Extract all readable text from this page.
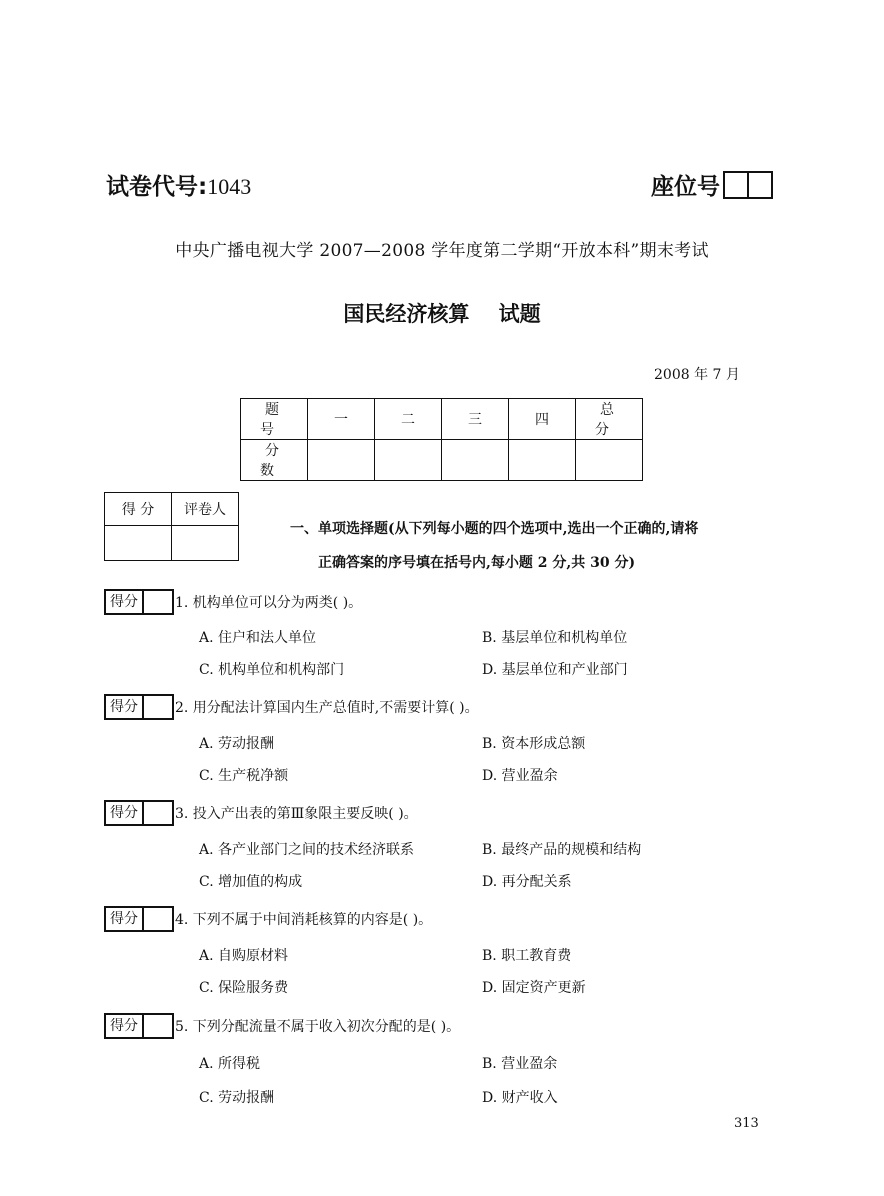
试卷代号:1043	座位号
中央广播电视大学 2007—2008 学年度第二学期“开放本科”期末考试
国民经济核算    试题
2008 年 7 月
题 号	一	二	三	四	总 分
分 数					
得 分	评卷人

一、单项选择题(从下列每小题的四个选项中,选出一个正确的,请将
正确答案的序号填在括号内,每小题 2 分,共 30 分)
得分	1. 机构单位可以分为两类( )。
A. 住户和法人单位	B. 基层单位和机构单位
C. 机构单位和机构部门	D. 基层单位和产业部门
得分	2. 用分配法计算国内生产总值时,不需要计算( )。
A. 劳动报酬	B. 资本形成总额
C. 生产税净额	D. 营业盈余
得分	3. 投入产出表的第Ⅲ象限主要反映( )。
A. 各产业部门之间的技术经济联系	B. 最终产品的规模和结构
C. 增加值的构成	D. 再分配关系
得分	4. 下列不属于中间消耗核算的内容是( )。
A. 自购原材料	B. 职工教育费
C. 保险服务费	D. 固定资产更新
得分	5. 下列分配流量不属于收入初次分配的是( )。
A. 所得税	B. 营业盈余
C. 劳动报酬	D. 财产收入
313
